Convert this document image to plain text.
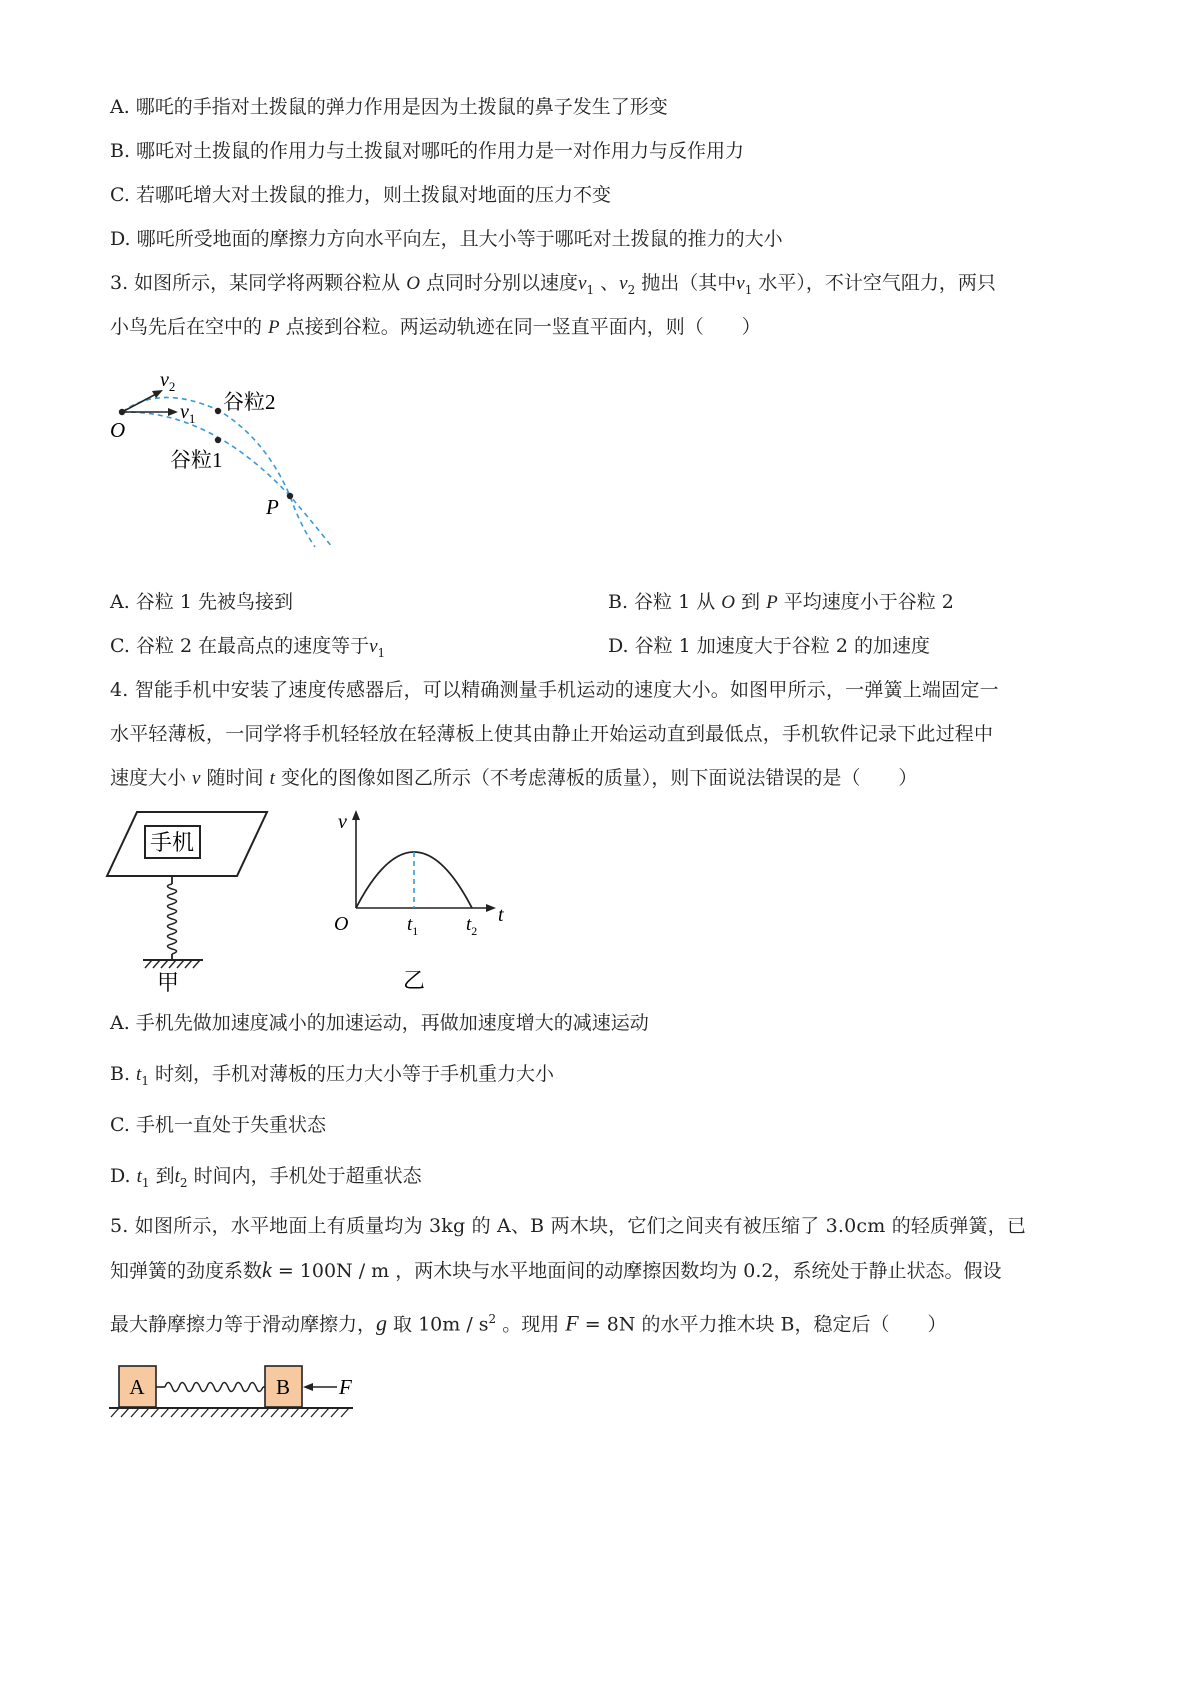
A. 哪吒的手指对土拨鼠的弹力作用是因为土拨鼠的鼻子发生了形变
B. 哪吒对土拨鼠的作用力与土拨鼠对哪吒的作用力是一对作用力与反作用力
C. 若哪吒增大对土拨鼠的推力，则土拨鼠对地面的压力不变
D. 哪吒所受地面的摩擦力方向水平向左，且大小等于哪吒对土拨鼠的推力的大小
3. 如图所示，某同学将两颗谷粒从 O 点同时分别以速度$v_1$ 、$v_2$ 抛出（其中$v_1$ 水平），不计空气阻力，两只
小鸟先后在空中的 P 点接到谷粒。两运动轨迹在同一竖直平面内，则（　　）
$v_2$
$v_1$
谷粒2
谷粒1
O
P
A. 谷粒 1 先被鸟接到	B. 谷粒 1 从 O 到 P 平均速度小于谷粒 2
C. 谷粒 2 在最高点的速度等于$v_1$	D. 谷粒 1 加速度大于谷粒 2 的加速度
4. 智能手机中安装了速度传感器后，可以精确测量手机运动的速度大小。如图甲所示，一弹簧上端固定一
水平轻薄板，一同学将手机轻轻放在轻薄板上使其由静止开始运动直到最低点，手机软件记录下此过程中
速度大小 v 随时间 t 变化的图像如图乙所示（不考虑薄板的质量），则下面说法错误的是（　　）
手机
甲
v
t
O	$t_1$	$t_2$
乙
A. 手机先做加速度减小的加速运动，再做加速度增大的减速运动
B. $t_1$ 时刻，手机对薄板的压力大小等于手机重力大小
C. 手机一直处于失重状态
D. $t_1$ 到$t_2$ 时间内，手机处于超重状态
5. 如图所示，水平地面上有质量均为 3kg 的 A、B 两木块，它们之间夹有被压缩了 3.0cm 的轻质弹簧，已
知弹簧的劲度系数k = 100N / m ，两木块与水平地面间的动摩擦因数均为 0.2，系统处于静止状态。假设
最大静摩擦力等于滑动摩擦力，g 取 $10m / s^2$ 。现用 F = 8N 的水平力推木块 B，稳定后（　　）
A	B F
